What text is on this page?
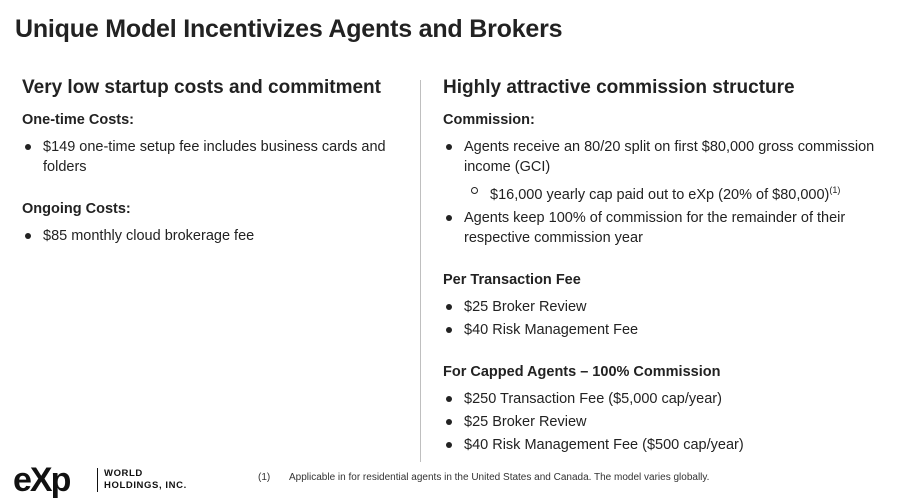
Unique Model Incentivizes Agents and Brokers
Very low startup costs and commitment
One-time Costs:
$149 one-time setup fee includes business cards and folders
Ongoing Costs:
$85 monthly cloud brokerage fee
Highly attractive commission structure
Commission:
Agents receive an 80/20 split on first $80,000 gross commission income (GCI)
$16,000 yearly cap paid out to eXp (20% of $80,000)$^{(1)}$
Agents keep 100% of commission for the remainder of their respective commission year
Per Transaction Fee
$25 Broker Review
$40 Risk Management Fee
For Capped Agents – 100% Commission
$250 Transaction Fee ($5,000 cap/year)
$25 Broker Review
$40 Risk Management Fee ($500 cap/year)
eXp	WORLD
HOLDINGS, INC.
(1) Applicable in for residential agents in the United States and Canada. The model varies globally.
